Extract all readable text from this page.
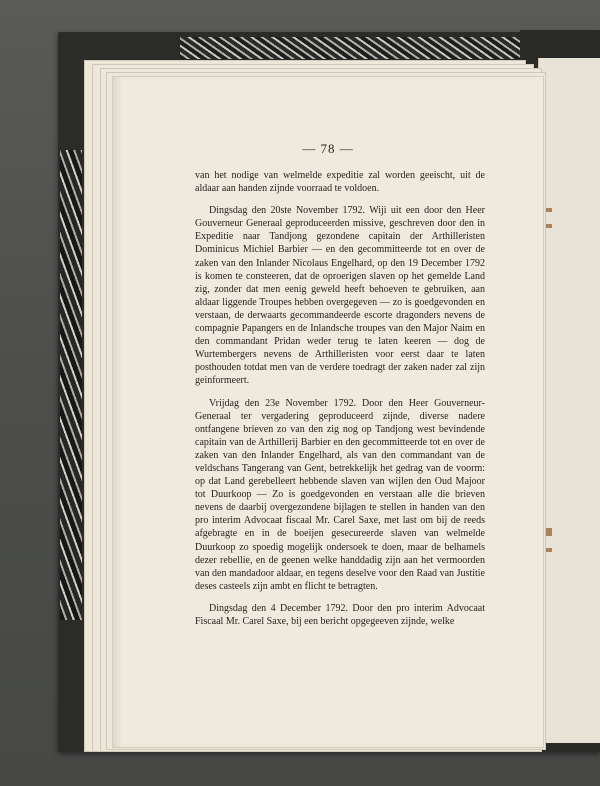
— 78 —

van het nodige van welmelde expeditie zal worden geeischt, uit de aldaar aan handen zijnde voorraad te voldoen.

Dingsdag den 20ste November 1792. Wiji uit een door den Heer Gouverneur Generaal geproduceerden missive, geschreven door den in Expeditie naar Tandjong gezondene capitain der Arthilleristen Dominicus Michiel Barbier — en den gecommitteerde tot en over de zaken van den Inlander Nicolaus Engelhard, op den 19 December 1792 is komen te consteeren, dat de oproerigen slaven op het gemelde Land zig, zonder dat men eenig geweld heeft behoeven te gebruiken, aan aldaar liggende Troupes hebben overgegeven — zo is goedgevonden en verstaan, de derwaarts gecommandeerde escorte dragonders nevens de compagnie Papangers en de Inlandsche troupes van den Major Naim en den commandant Pridan weder terug te laten keeren — dog de Wurtembergers nevens de Arthilleristen voor eerst daar te laten posthouden totdat men van de verdere toedragt der zaken nader zal zijn geinformeert.

Vrijdag den 23e November 1792. Door den Heer Gouverneur-Generaal ter vergadering geproduceerd zijnde, diverse nadere ontfangene brieven zo van den zig nog op Tandjong west bevindende capitain van de Arthillerij Barbier en den gecommitteerde tot en over de zaken van den Inlander Engelhard, als van den commandant van de veldschans Tangerang van Gent, betrekkelijk het gedrag van de voorm: op dat Land gerebelleert hebbende slaven van wijlen den Oud Majoor tot Duurkoop — Zo is goedgevonden en verstaan alle die brieven nevens de daarbij overgezondene bijlagen te stellen in handen van den pro interim Advocaat fiscaal Mr. Carel Saxe, met last om bij de reeds afgebragte en in de boeijen gesecureerde slaven van welmelde Duurkoop zo spoedig mogelijk ondersoek te doen, maar de belhamels dezer rebellie, en de geenen welke handdadig zijn aan het vermoorden van den mandadoor aldaar, en tegens deselve voor den Raad van Justitie deses casteels zijn ambt en flicht te betragten.

Dingsdag den 4 December 1792. Door den pro interim Advocaat Fiscaal Mr. Carel Saxe, bij een bericht opgegeeven zijnde, welke
